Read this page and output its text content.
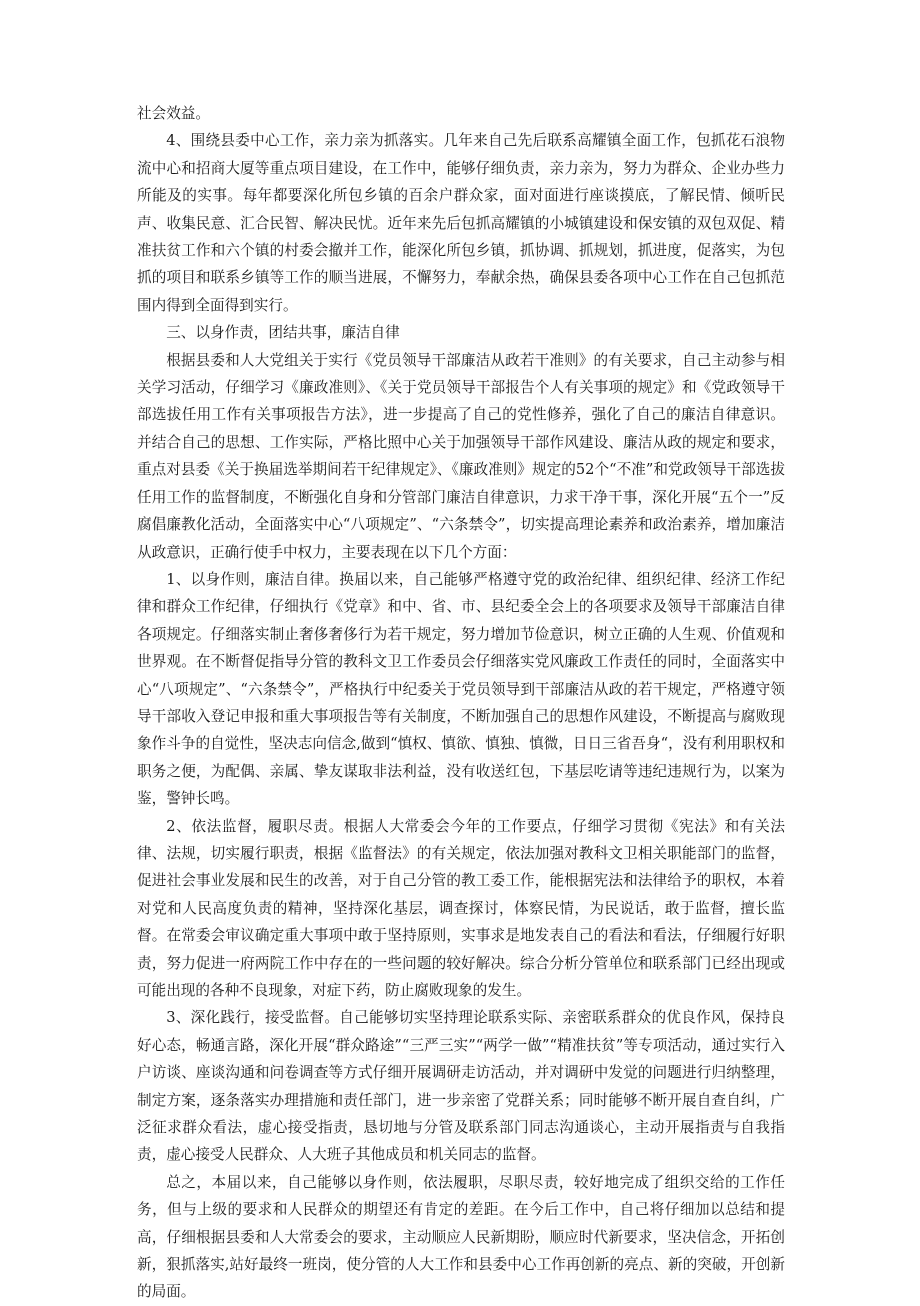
社会效益。

4、围绕县委中心工作，亲力亲为抓落实。几年来自己先后联系高耀镇全面工作，包抓花石浪物流中心和招商大厦等重点项目建设，在工作中，能够仔细负责，亲力亲为，努力为群众、企业办些力所能及的实事。每年都要深化所包乡镇的百余户群众家，面对面进行座谈摸底，了解民情、倾听民声、收集民意、汇合民智、解决民忧。近年来先后包抓高耀镇的小城镇建设和保安镇的双包双促、精准扶贫工作和六个镇的村委会撤并工作，能深化所包乡镇，抓协调、抓规划，抓进度，促落实，为包抓的项目和联系乡镇等工作的顺当进展，不懈努力，奉献余热，确保县委各项中心工作在自己包抓范围内得到全面得到实行。

三、以身作责，团结共事，廉洁自律

根据县委和人大党组关于实行《党员领导干部廉洁从政若干准则》的有关要求，自己主动参与相关学习活动，仔细学习《廉政准则》、《关于党员领导干部报告个人有关事项的规定》和《党政领导干部选拔任用工作有关事项报告方法》，进一步提高了自己的党性修养，强化了自己的廉洁自律意识。并结合自己的思想、工作实际，严格比照中心关于加强领导干部作风建设、廉洁从政的规定和要求，重点对县委《关于换届选举期间若干纪律规定》、《廉政准则》规定的52个“不准”和党政领导干部选拔任用工作的监督制度，不断强化自身和分管部门廉洁自律意识，力求干净干事，深化开展“五个一”反腐倡廉教化活动，全面落实中心“八项规定”、“六条禁令”，切实提高理论素养和政治素养，增加廉洁从政意识，正确行使手中权力，主要表现在以下几个方面：

1、以身作则，廉洁自律。换届以来，自己能够严格遵守党的政治纪律、组织纪律、经济工作纪律和群众工作纪律，仔细执行《党章》和中、省、市、县纪委全会上的各项要求及领导干部廉洁自律各项规定。仔细落实制止奢侈奢侈行为若干规定，努力增加节俭意识，树立正确的人生观、价值观和世界观。在不断督促指导分管的教科文卫工作委员会仔细落实党风廉政工作责任的同时，全面落实中心“八项规定”、“六条禁令”，严格执行中纪委关于党员领导到干部廉洁从政的若干规定，严格遵守领导干部收入登记申报和重大事项报告等有关制度，不断加强自己的思想作风建设，不断提高与腐败现象作斗争的自觉性，坚决志向信念,做到“慎权、慎欲、慎独、慎微，日日三省吾身“，没有利用职权和职务之便，为配偶、亲属、挚友谋取非法利益，没有收送红包，下基层吃请等违纪违规行为，以案为鉴，警钟长鸣。

2、依法监督，履职尽责。根据人大常委会今年的工作要点，仔细学习贯彻《宪法》和有关法律、法规，切实履行职责，根据《监督法》的有关规定，依法加强对教科文卫相关职能部门的监督，促进社会事业发展和民生的改善，对于自己分管的教工委工作，能根据宪法和法律给予的职权，本着对党和人民高度负责的精神，坚持深化基层，调查探讨，体察民情，为民说话，敢于监督，擅长监督。在常委会审议确定重大事项中敢于坚持原则，实事求是地发表自己的看法和看法，仔细履行好职责，努力促进一府两院工作中存在的一些问题的较好解决。综合分析分管单位和联系部门已经出现或可能出现的各种不良现象，对症下药，防止腐败现象的发生。

3、深化践行，接受监督。自己能够切实坚持理论联系实际、亲密联系群众的优良作风，保持良好心态，畅通言路，深化开展“群众路途”“三严三实”“两学一做”“精准扶贫”等专项活动，通过实行入户访谈、座谈沟通和问卷调查等方式仔细开展调研走访活动，并对调研中发觉的问题进行归纳整理，制定方案，逐条落实办理措施和责任部门，进一步亲密了党群关系；同时能够不断开展自查自纠，广泛征求群众看法，虚心接受指责，恳切地与分管及联系部门同志沟通谈心，主动开展指责与自我指责，虚心接受人民群众、人大班子其他成员和机关同志的监督。

总之，本届以来，自己能够以身作则，依法履职，尽职尽责，较好地完成了组织交给的工作任务，但与上级的要求和人民群众的期望还有肯定的差距。在今后工作中，自己将仔细加以总结和提高，仔细根据县委和人大常委会的要求，主动顺应人民新期盼，顺应时代新要求，坚决信念，开拓创新，狠抓落实,站好最终一班岗，使分管的人大工作和县委中心工作再创新的亮点、新的突破，开创新的局面。
